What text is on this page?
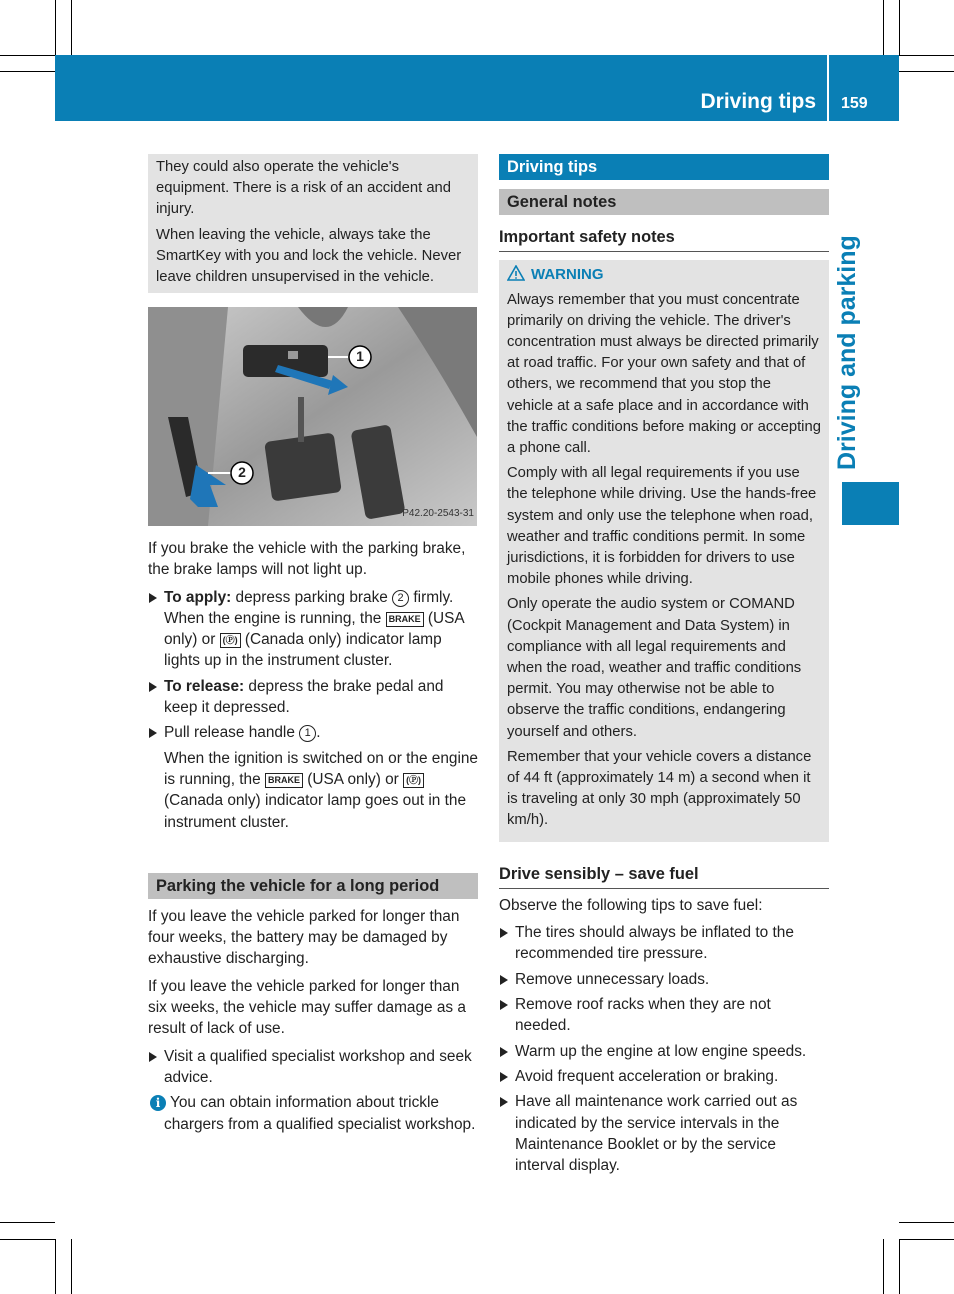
Driving tips 159
Driving and parking

They could also operate the vehicle's equipment. There is a risk of an accident and injury.

When leaving the vehicle, always take the SmartKey with you and lock the vehicle. Never leave children unsupervised in the vehicle.

1
2
P42.20-2543-31

If you brake the vehicle with the parking brake, the brake lamps will not light up.

To apply: depress parking brake 2 firmly. When the engine is running, the BRAKE (USA only) or (Ⓟ) (Canada only) indicator lamp lights up in the instrument cluster.
To release: depress the brake pedal and keep it depressed.
Pull release handle 1 .
When the ignition is switched on or the engine is running, the BRAKE (USA only) or (Ⓟ) (Canada only) indicator lamp goes out in the instrument cluster.
Parking the vehicle for a long period

If you leave the vehicle parked for longer than four weeks, the battery may be damaged by exhaustive discharging.

If you leave the vehicle parked for longer than six weeks, the vehicle may suffer damage as a result of lack of use.

Visit a qualified specialist workshop and seek advice.
i You can obtain information about trickle chargers from a qualified specialist workshop.
Driving tips
General notes
Important safety notes
WARNING

Always remember that you must concentrate primarily on driving the vehicle. The driver's concentration must always be directed primarily at road traffic. For your own safety and that of others, we recommend that you stop the vehicle at a safe place and in accordance with the traffic conditions before making or accepting a phone call.

Comply with all legal requirements if you use the telephone while driving. Use the hands-free system and only use the telephone when road, weather and traffic conditions permit. In some jurisdictions, it is forbidden for drivers to use mobile phones while driving.

Only operate the audio system or COMAND (Cockpit Management and Data System) in compliance with all legal requirements and when the road, weather and traffic conditions permit. You may otherwise not be able to observe the traffic conditions, endangering yourself and others.

Remember that your vehicle covers a distance of 44 ft (approximately 14 m) a second when it is traveling at only 30 mph (approximately 50 km/h).

Drive sensibly – save fuel

Observe the following tips to save fuel:

The tires should always be inflated to the recommended tire pressure.
Remove unnecessary loads.
Remove roof racks when they are not needed.
Warm up the engine at low engine speeds.
Avoid frequent acceleration or braking.
Have all maintenance work carried out as indicated by the service intervals in the Maintenance Booklet or by the service interval display.
